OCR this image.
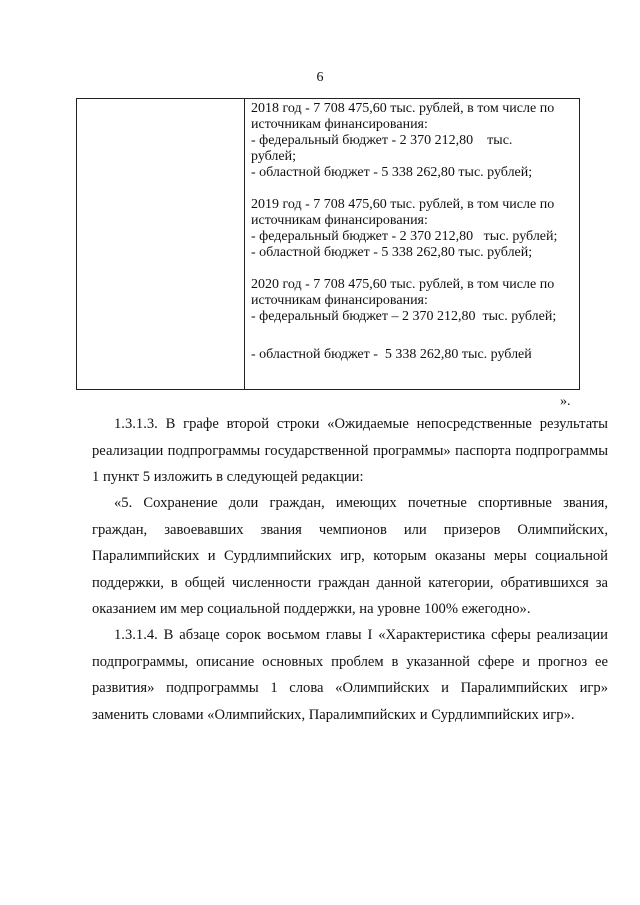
6

2018 год - 7 708 475,60 тыс. рублей, в том числе по источникам финансирования:
- федеральный бюджет - 2 370 212,80    тыс. рублей;
- областной бюджет - 5 338 262,80 тыс. рублей;
2019 год - 7 708 475,60 тыс. рублей, в том числе по источникам финансирования:
- федеральный бюджет - 2 370 212,80   тыс. рублей;
- областной бюджет - 5 338 262,80 тыс. рублей;
2020 год - 7 708 475,60 тыс. рублей, в том числе по источникам финансирования:
- федеральный бюджет – 2 370 212,80  тыс. рублей;
- областной бюджет -  5 338 262,80 тыс. рублей
».

1.3.1.3. В графе второй строки «Ожидаемые непосредственные результаты реализации подпрограммы государственной программы» паспорта подпрограммы 1 пункт 5 изложить в следующей редакции:

«5. Сохранение доли граждан, имеющих почетные спортивные звания, граждан, завоевавших звания чемпионов или призеров Олимпийских, Паралимпийских и Сурдлимпийских игр, которым оказаны меры социальной поддержки, в общей численности граждан данной категории, обратившихся за оказанием им мер социальной поддержки, на уровне 100% ежегодно».

1.3.1.4. В абзаце сорок восьмом главы I «Характеристика сферы реализации подпрограммы, описание основных проблем в указанной сфере и прогноз ее развития» подпрограммы 1 слова «Олимпийских и Паралимпийских игр» заменить словами «Олимпийских, Паралимпийских и Сурдлимпийских игр».
